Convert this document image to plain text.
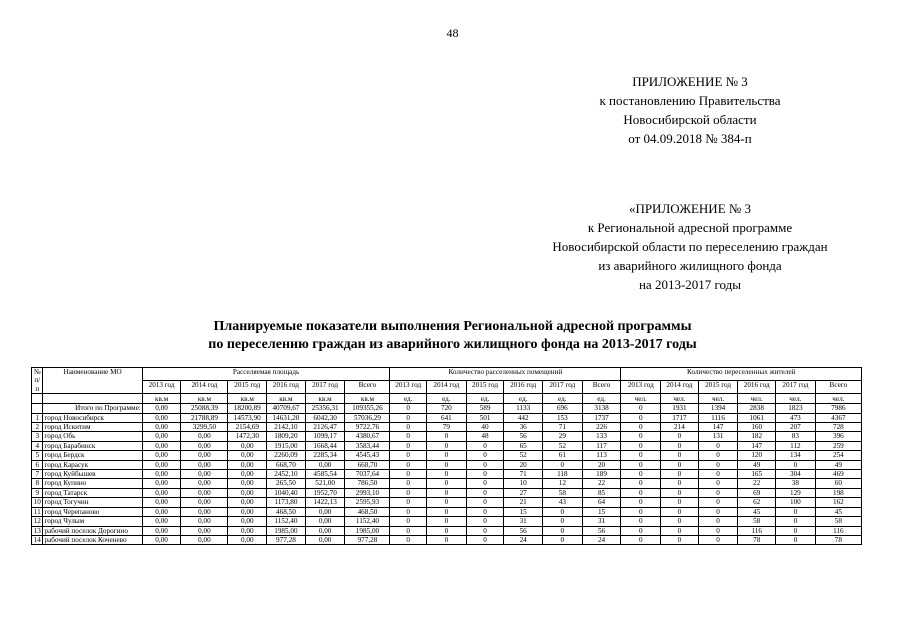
48
ПРИЛОЖЕНИЕ № 3
к постановлению Правительства
Новосибирской области
от 04.09.2018 № 384-п
«ПРИЛОЖЕНИЕ № 3
к Региональной адресной программе
Новосибирской области по переселению граждан
из аварийного жилищного фонда
на 2013-2017 годы
Планируемые показатели выполнения Региональной адресной программы
по переселению граждан из аварийного жилищного фонда на 2013-2017 годы
№ п/п	Наименование МО	Расселяемая площадь						Количество расселенных помещений						Количество переселенных жителей					
		2013 год	2014 год	2015 год	2016 год	2017 год	Всего	2013 год	2014 год	2015 год	2016 год	2017 год	Всего	2013 год	2014 год	2015 год	2016 год	2017 год	Всего
		кв.м	кв.м	кв.м	кв.м	кв.м	кв.м	ед.	ед.	ед.	ед.	ед.	ед.	чел.	чел.	чел.	чел.	чел.	чел.
	Итого по Программе:	0,00	25088,39	18200,89	40709,67	25356,31	109355,26	0	720	589	1133	696	3138	0	1931	1394	2838	1823	7986
1	город Новосибирск	0,00	21788,89	14573,90	14631,20	6042,30	57036,29	0	641	501	442	153	1737	0	1717	1116	1061	473	4367
2	город Искитим	0,00	3299,50	2154,69	2142,10	2126,47	9722,76	0	79	40	36	71	226	0	214	147	160	207	728
3	город Обь	0,00	0,00	1472,30	1809,20	1099,17	4380,67	0	0	48	56	29	133	0	0	131	182	83	396
4	город Барабинск	0,00	0,00	0,00	1915,00	1668,44	3583,44	0	0	0	65	52	117	0	0	0	147	112	259
5	город Бердск	0,00	0,00	0,00	2260,09	2285,34	4545,43	0	0	0	52	61	113	0	0	0	120	134	254
6	город Карасук	0,00	0,00	0,00	668,70	0,00	668,70	0	0	0	20	0	20	0	0	0	49	0	49
7	город Куйбышев	0,00	0,00	0,00	2452,10	4585,54	7037,64	0	0	0	71	118	189	0	0	0	165	304	469
8	город Купино	0,00	0,00	0,00	265,50	521,00	786,50	0	0	0	10	12	22	0	0	0	22	38	60
9	город Татарск	0,00	0,00	0,00	1040,40	1952,70	2993,10	0	0	0	27	58	85	0	0	0	69	129	198
10	город Тогучин	0,00	0,00	0,00	1173,80	1422,13	2595,93	0	0	0	21	43	64	0	0	0	62	100	162
11	город Черепаново	0,00	0,00	0,00	468,50	0,00	468,50	0	0	0	15	0	15	0	0	0	45	0	45
12	город Чулым	0,00	0,00	0,00	1152,40	0,00	1152,40	0	0	0	31	0	31	0	0	0	58	0	58
13	рабочий поселок Дорогино	0,00	0,00	0,00	1985,00	0,00	1985,00	0	0	0	56	0	56	0	0	0	116	0	116
14	рабочий поселок Коченево	0,00	0,00	0,00	977,28	0,00	977,28	0	0	0	24	0	24	0	0	0	78	0	78
